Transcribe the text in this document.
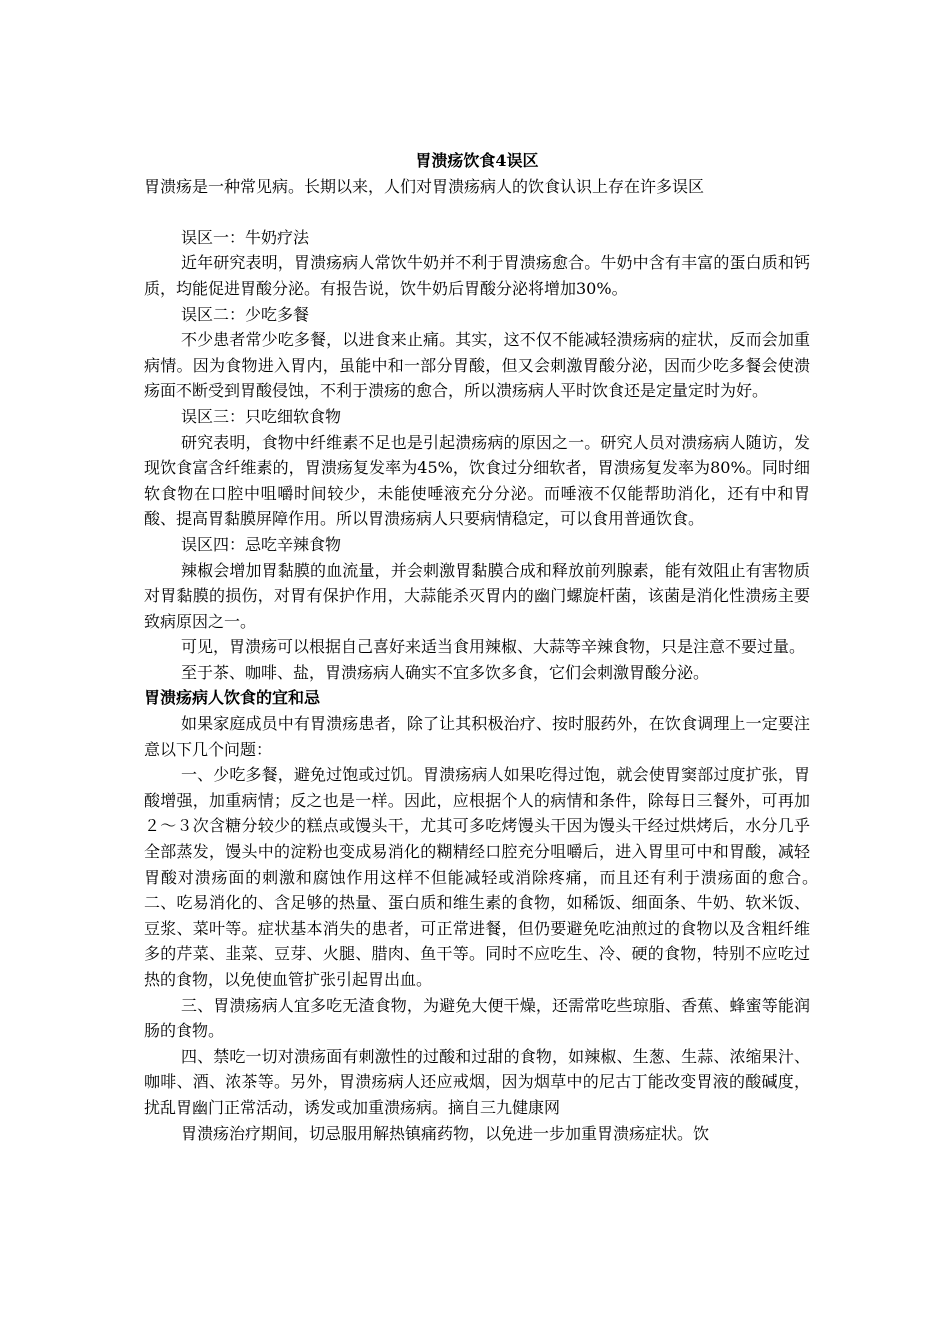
胃溃疡饮食4误区

胃溃疡是一种常见病。长期以来，人们对胃溃疡病人的饮食认识上存在许多误区

误区一：牛奶疗法

近年研究表明，胃溃疡病人常饮牛奶并不利于胃溃疡愈合。牛奶中含有丰富的蛋白质和钙质，均能促进胃酸分泌。有报告说，饮牛奶后胃酸分泌将增加30%。

误区二：少吃多餐

不少患者常少吃多餐，以进食来止痛。其实，这不仅不能减轻溃疡病的症状，反而会加重病情。因为食物进入胃内，虽能中和一部分胃酸，但又会刺激胃酸分泌，因而少吃多餐会使溃疡面不断受到胃酸侵蚀，不利于溃疡的愈合，所以溃疡病人平时饮食还是定量定时为好。

误区三：只吃细软食物

研究表明，食物中纤维素不足也是引起溃疡病的原因之一。研究人员对溃疡病人随访，发现饮食富含纤维素的，胃溃疡复发率为45%，饮食过分细软者，胃溃疡复发率为80%。同时细软食物在口腔中咀嚼时间较少，未能使唾液充分分泌。而唾液不仅能帮助消化，还有中和胃酸、提高胃黏膜屏障作用。所以胃溃疡病人只要病情稳定，可以食用普通饮食。

误区四：忌吃辛辣食物

辣椒会增加胃黏膜的血流量，并会刺激胃黏膜合成和释放前列腺素，能有效阻止有害物质对胃黏膜的损伤，对胃有保护作用，大蒜能杀灭胃内的幽门螺旋杆菌，该菌是消化性溃疡主要致病原因之一。

可见，胃溃疡可以根据自己喜好来适当食用辣椒、大蒜等辛辣食物，只是注意不要过量。

至于茶、咖啡、盐，胃溃疡病人确实不宜多饮多食，它们会刺激胃酸分泌。

胃溃疡病人饮食的宜和忌

如果家庭成员中有胃溃疡患者，除了让其积极治疗、按时服药外，在饮食调理上一定要注意以下几个问题：

一、少吃多餐，避免过饱或过饥。胃溃疡病人如果吃得过饱，就会使胃窦部过度扩张，胃酸增强，加重病情；反之也是一样。因此，应根据个人的病情和条件，除每日三餐外，可再加２～３次含糖分较少的糕点或馒头干，尤其可多吃烤馒头干因为馒头干经过烘烤后，水分几乎全部蒸发，馒头中的淀粉也变成易消化的糊精经口腔充分咀嚼后，进入胃里可中和胃酸，减轻胃酸对溃疡面的刺激和腐蚀作用这样不但能减轻或消除疼痛，而且还有利于溃疡面的愈合。　　二、吃易消化的、含足够的热量、蛋白质和维生素的食物，如稀饭、细面条、牛奶、软米饭、豆浆、菜叶等。症状基本消失的患者，可正常进餐，但仍要避免吃油煎过的食物以及含粗纤维多的芹菜、韭菜、豆芽、火腿、腊肉、鱼干等。同时不应吃生、冷、硬的食物，特别不应吃过热的食物，以免使血管扩张引起胃出血。

三、胃溃疡病人宜多吃无渣食物，为避免大便干燥，还需常吃些琼脂、香蕉、蜂蜜等能润肠的食物。

四、禁吃一切对溃疡面有刺激性的过酸和过甜的食物，如辣椒、生葱、生蒜、浓缩果汁、咖啡、酒、浓茶等。另外，胃溃疡病人还应戒烟，因为烟草中的尼古丁能改变胃液的酸碱度，扰乱胃幽门正常活动，诱发或加重溃疡病。摘自三九健康网

胃溃疡治疗期间，切忌服用解热镇痛药物，以免进一步加重胃溃疡症状。饮
